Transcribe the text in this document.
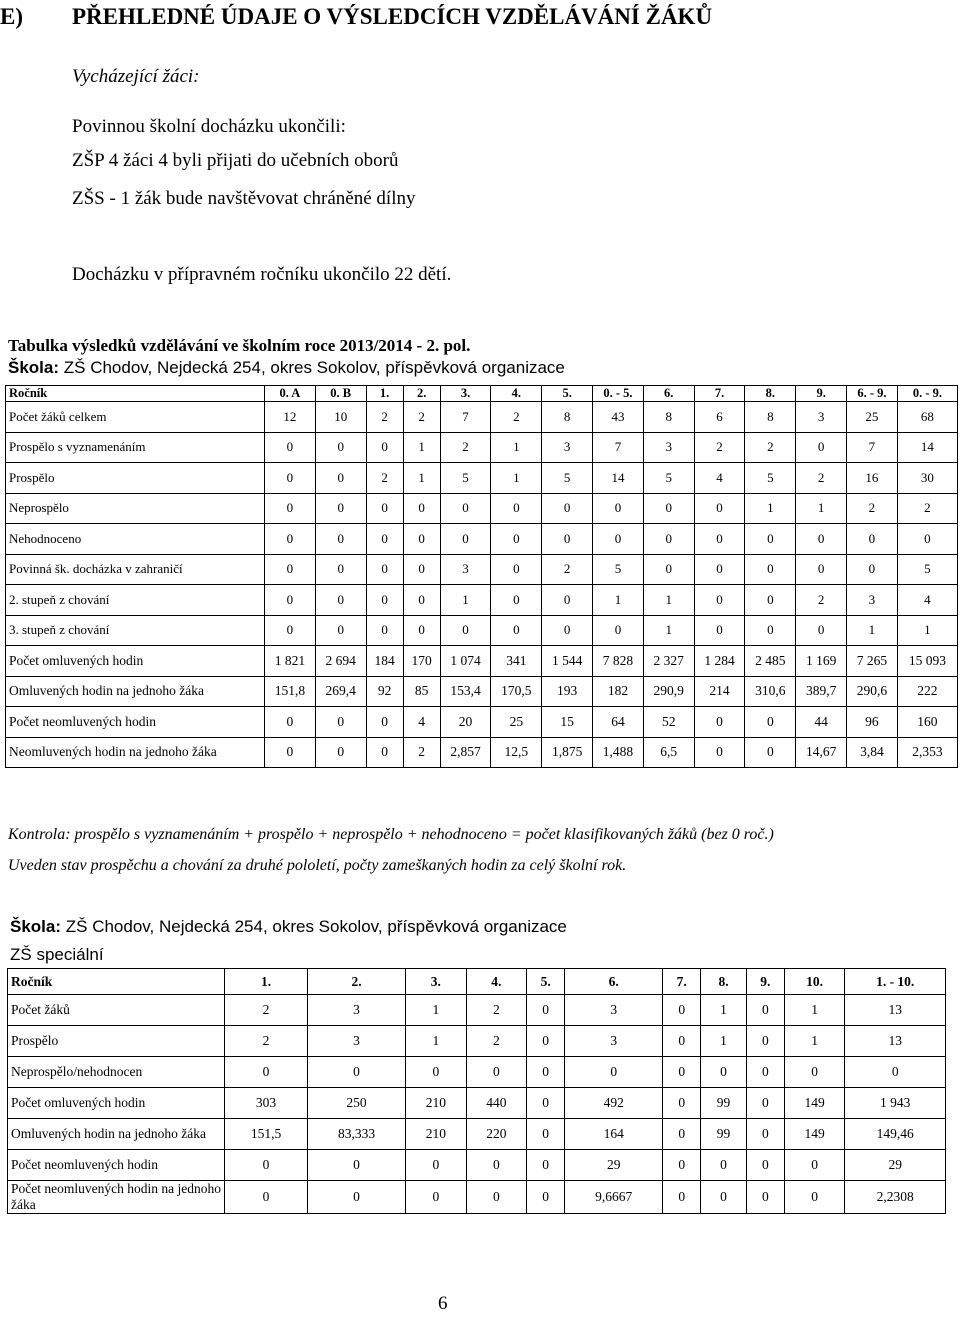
E) PŘEHLEDNÉ ÚDAJE O VÝSLEDCÍCH VZDĚLÁVÁNÍ ŽÁKŮ
Vycházející žáci:
Povinnou školní docházku ukončili:
ZŠP 4 žáci 4 byli přijati do učebních oborů
ZŠS - 1 žák bude navštěvovat chráněné dílny
Docházku v přípravném ročníku ukončilo 22 dětí.
Tabulka výsledků vzdělávání ve školním roce 2013/2014 - 2. pol.
Škola: ZŠ Chodov, Nejdecká 254, okres Sokolov, příspěvková organizace
Ročník	0. A	0. B	1.	2.	3.	4.	5.	0. - 5.	6.	7.	8.	9.	6. - 9.	0. - 9.
Počet žáků celkem	12	10	2	2	7	2	8	43	8	6	8	3	25	68
Prospělo s vyznamenáním	0	0	0	1	2	1	3	7	3	2	2	0	7	14
Prospělo	0	0	2	1	5	1	5	14	5	4	5	2	16	30
Neprospělo	0	0	0	0	0	0	0	0	0	0	1	1	2	2
Nehodnoceno	0	0	0	0	0	0	0	0	0	0	0	0	0	0
Povinná šk. docházka v zahraničí	0	0	0	0	3	0	2	5	0	0	0	0	0	5
2. stupeň z chování	0	0	0	0	1	0	0	1	1	0	0	2	3	4
3. stupeň z chování	0	0	0	0	0	0	0	0	1	0	0	0	1	1
Počet omluvených hodin	1 821	2 694	184	170	1 074	341	1 544	7 828	2 327	1 284	2 485	1 169	7 265	15 093
Omluvených hodin na jednoho žáka	151,8	269,4	92	85	153,4	170,5	193	182	290,9	214	310,6	389,7	290,6	222
Počet neomluvených hodin	0	0	0	4	20	25	15	64	52	0	0	44	96	160
Neomluvených hodin na jednoho žáka	0	0	0	2	2,857	12,5	1,875	1,488	6,5	0	0	14,67	3,84	2,353
Kontrola: prospělo s vyznamenáním + prospělo + neprospělo + nehodnoceno = počet klasifikovaných žáků (bez 0 roč.)
Uveden stav prospěchu a chování za druhé pololetí, počty zameškaných hodin za celý školní rok.
Škola: ZŠ Chodov, Nejdecká 254, okres Sokolov, příspěvková organizace
ZŠ speciální
Ročník	1.	2.	3.	4.	5.	6.	7.	8.	9.	10.	1. - 10.
Počet žáků	2	3	1	2	0	3	0	1	0	1	13
Prospělo	2	3	1	2	0	3	0	1	0	1	13
Neprospělo/nehodnocen	0	0	0	0	0	0	0	0	0	0	0
Počet omluvených hodin	303	250	210	440	0	492	0	99	0	149	1 943
Omluvených hodin na jednoho žáka	151,5	83,333	210	220	0	164	0	99	0	149	149,46
Počet neomluvených hodin	0	0	0	0	0	29	0	0	0	0	29
Počet neomluvených hodin na jednoho žáka	0	0	0	0	0	9,6667	0	0	0	0	2,2308
6
